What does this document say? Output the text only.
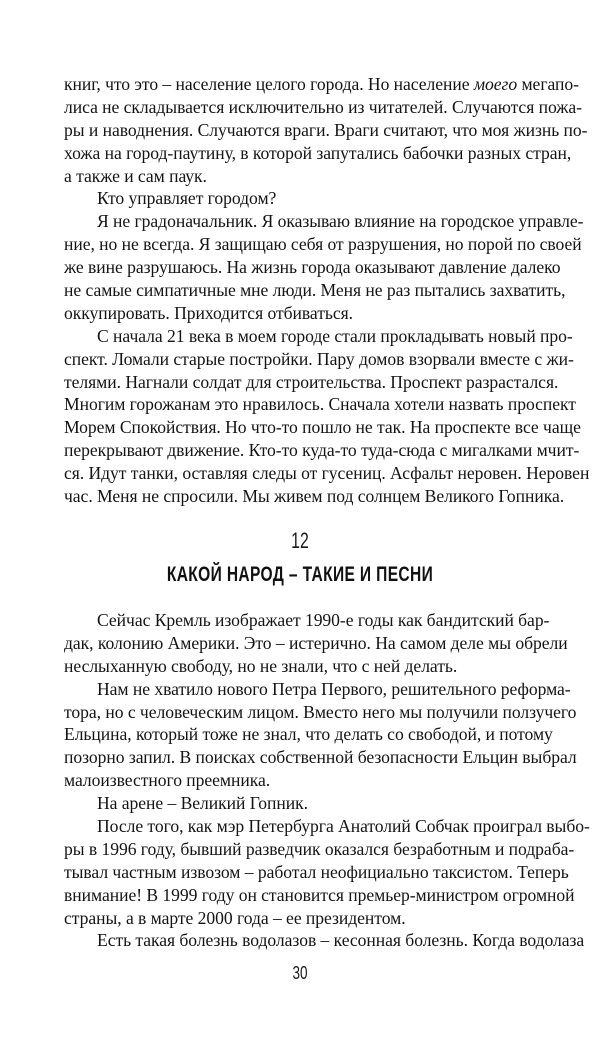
книг, что это – население целого города. Но население моего мегапо-
лиса не складывается исключительно из читателей. Случаются пожа-
ры и наводнения. Случаются враги. Враги считают, что моя жизнь по-
хожа на город-паутину, в которой запутались бабочки разных стран,
а также и сам паук.
Кто управляет городом?
Я не градоначальник. Я оказываю влияние на городское управле-
ние, но не всегда. Я защищаю себя от разрушения, но порой по своей
же вине разрушаюсь. На жизнь города оказывают давление далеко
не самые симпатичные мне люди. Меня не раз пытались захватить,
оккупировать. Приходится отбиваться.
С начала 21 века в моем городе стали прокладывать новый про-
спект. Ломали старые постройки. Пару домов взорвали вместе с жи-
телями. Нагнали солдат для строительства. Проспект разрастался.
Многим горожанам это нравилось. Сначала хотели назвать проспект
Морем Спокойствия. Но что-то пошло не так. На проспекте все чаще
перекрывают движение. Кто-то куда-то туда-сюда с мигалками мчит-
ся. Идут танки, оставляя следы от гусениц. Асфальт неровен. Неровен
час. Меня не спросили. Мы живем под солнцем Великого Гопника.
12
КАКОЙ НАРОД – ТАКИЕ И ПЕСНИ
Сейчас Кремль изображает 1990-е годы как бандитский бар-
дак, колонию Америки. Это – истерично. На самом деле мы обрели
неслыханную свободу, но не знали, что с ней делать.
Нам не хватило нового Петра Первого, решительного реформа-
тора, но с человеческим лицом. Вместо него мы получили ползучего
Ельцина, который тоже не знал, что делать со свободой, и потому
позорно запил. В поисках собственной безопасности Ельцин выбрал
малоизвестного преемника.
На арене – Великий Гопник.
После того, как мэр Петербурга Анатолий Собчак проиграл выбо-
ры в 1996 году, бывший разведчик оказался безработным и подраба-
тывал частным извозом – работал неофициально таксистом. Теперь
внимание! В 1999 году он становится премьер-министром огромной
страны, а в марте 2000 года – ее президентом.
Есть такая болезнь водолазов – кесонная болезнь. Когда водолаза
30
